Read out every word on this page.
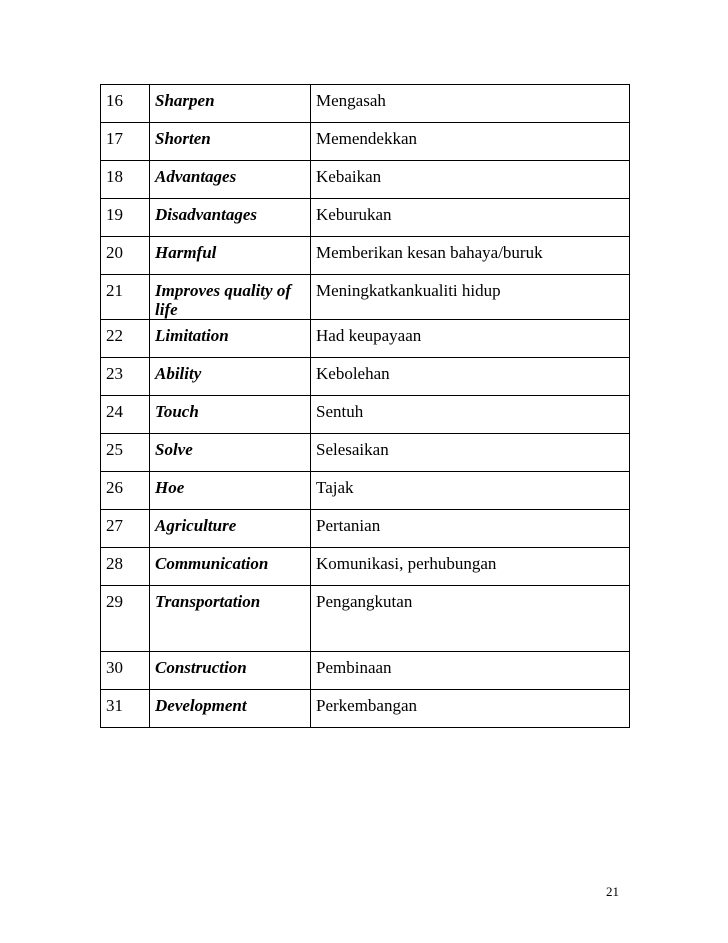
16	Sharpen	Mengasah
17	Shorten	Memendekkan
18	Advantages	Kebaikan
19	Disadvantages	Keburukan
20	Harmful	Memberikan kesan bahaya/buruk
21	Improves quality of life	Meningkatkankualiti hidup
22	Limitation	Had keupayaan
23	Ability	Kebolehan
24	Touch	Sentuh
25	Solve	Selesaikan
26	Hoe	Tajak
27	Agriculture	Pertanian
28	Communication	Komunikasi, perhubungan
29	Transportation	Pengangkutan
30	Construction	Pembinaan
31	Development	Perkembangan
21
